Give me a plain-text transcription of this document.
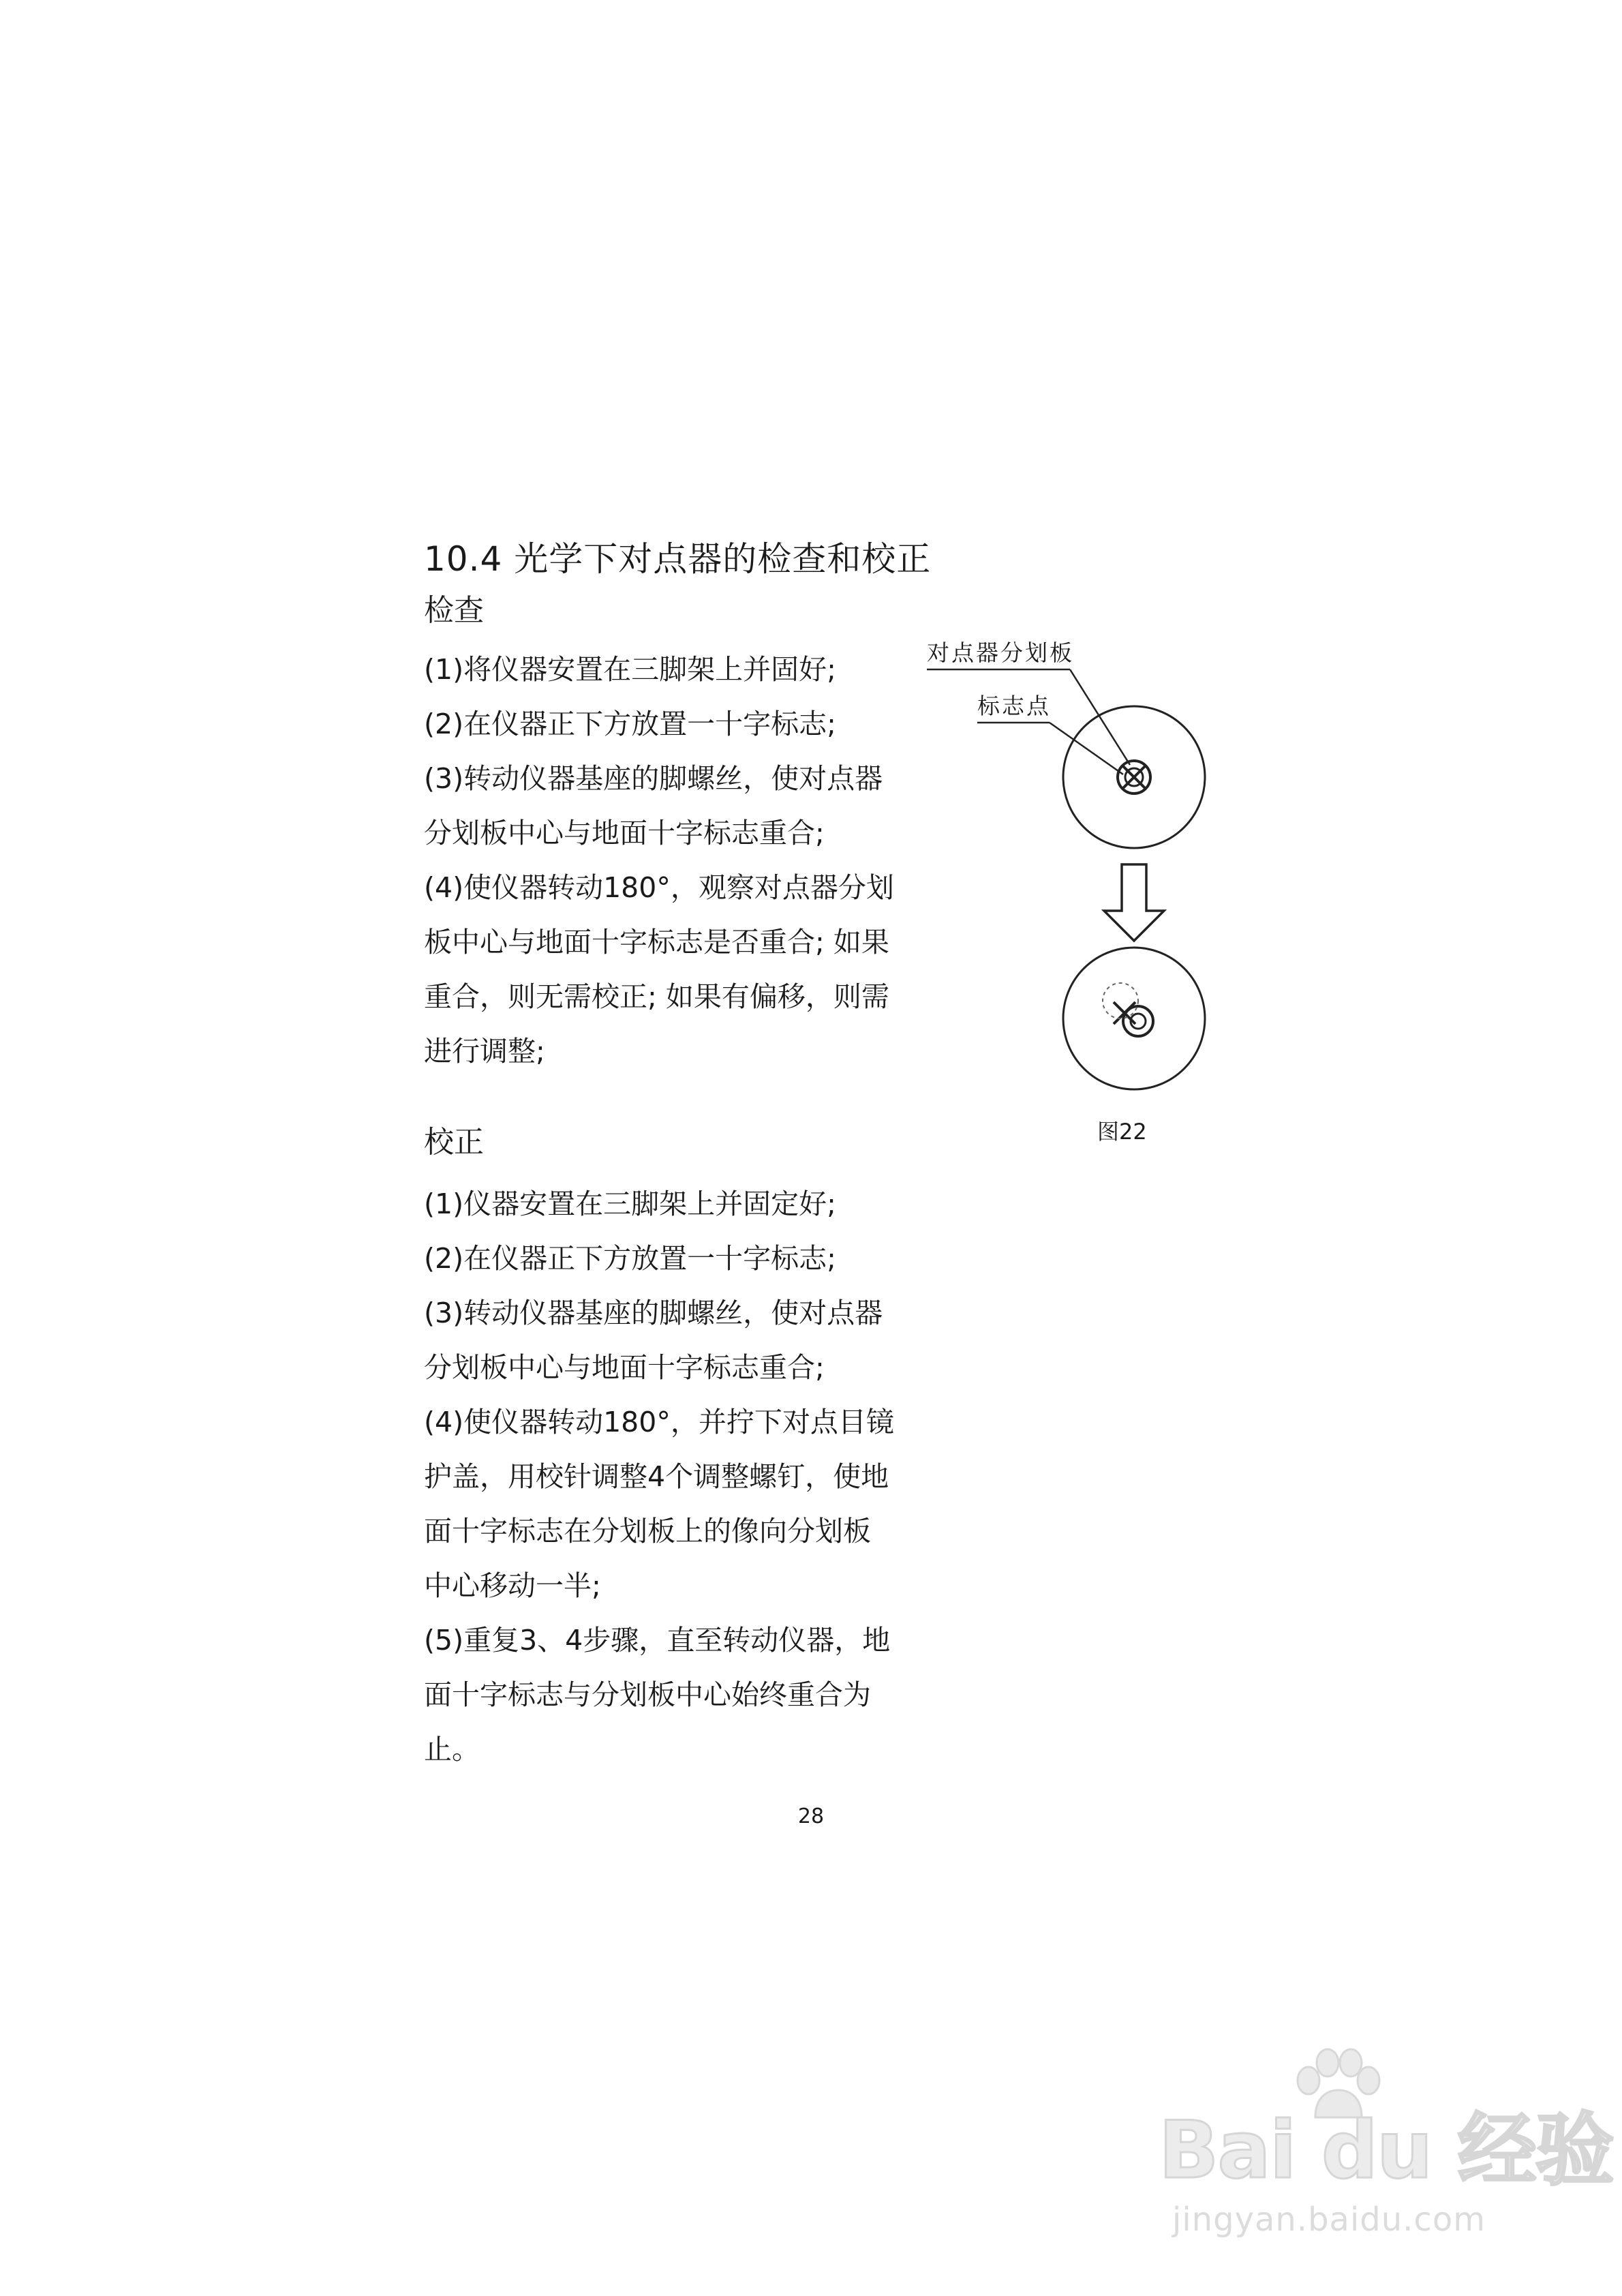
10.4 光学下对点器的检查和校正
检查

(1)将仪器安置在三脚架上并固好;

(2)在仪器正下方放置一十字标志;

(3)转动仪器基座的脚螺丝，使对点器分划板中心与地面十字标志重合;

(4)使仪器转动180°，观察对点器分划板中心与地面十字标志是否重合; 如果重合，则无需校正; 如果有偏移，则需进行调整;

校正

(1)仪器安置在三脚架上并固定好;

(2)在仪器正下方放置一十字标志;

(3)转动仪器基座的脚螺丝，使对点器分划板中心与地面十字标志重合;

(4)使仪器转动180°，并拧下对点目镜护盖，用校针调整4个调整螺钉，使地面十字标志在分划板上的像向分划板中心移动一半;

(5)重复3、4步骤，直至转动仪器，地面十字标志与分划板中心始终重合为止。

对点器分划板
标志点
图22
28
Bai du 经验
jingyan.baidu.com
